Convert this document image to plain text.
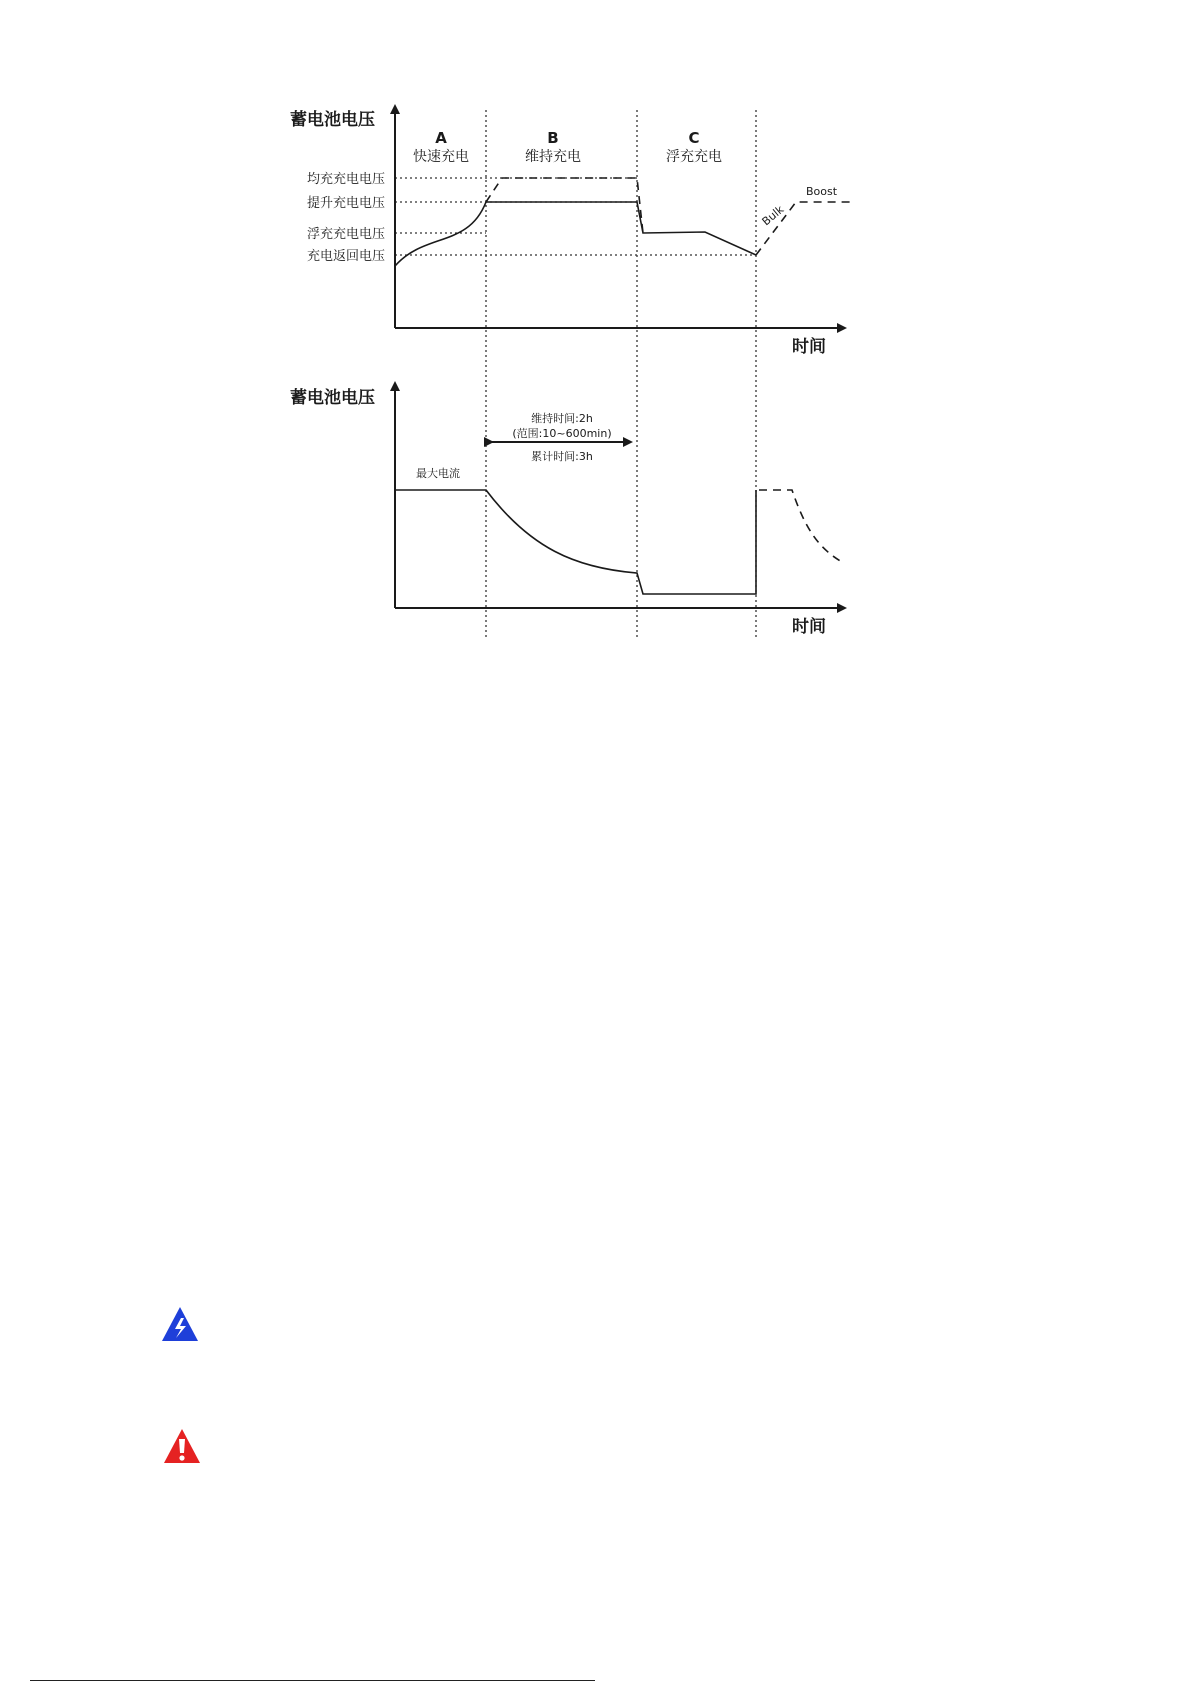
蓄电池电压
时间
均充充电电压
提升充电电压
浮充充电电压
充电返回电压
A
快速充电
B
维持充电
C
浮充充电
Bulk
Boost
蓄电池电压
时间
最大电流
维持时间:2h
(范围:10~600min)
累计时间:3h
